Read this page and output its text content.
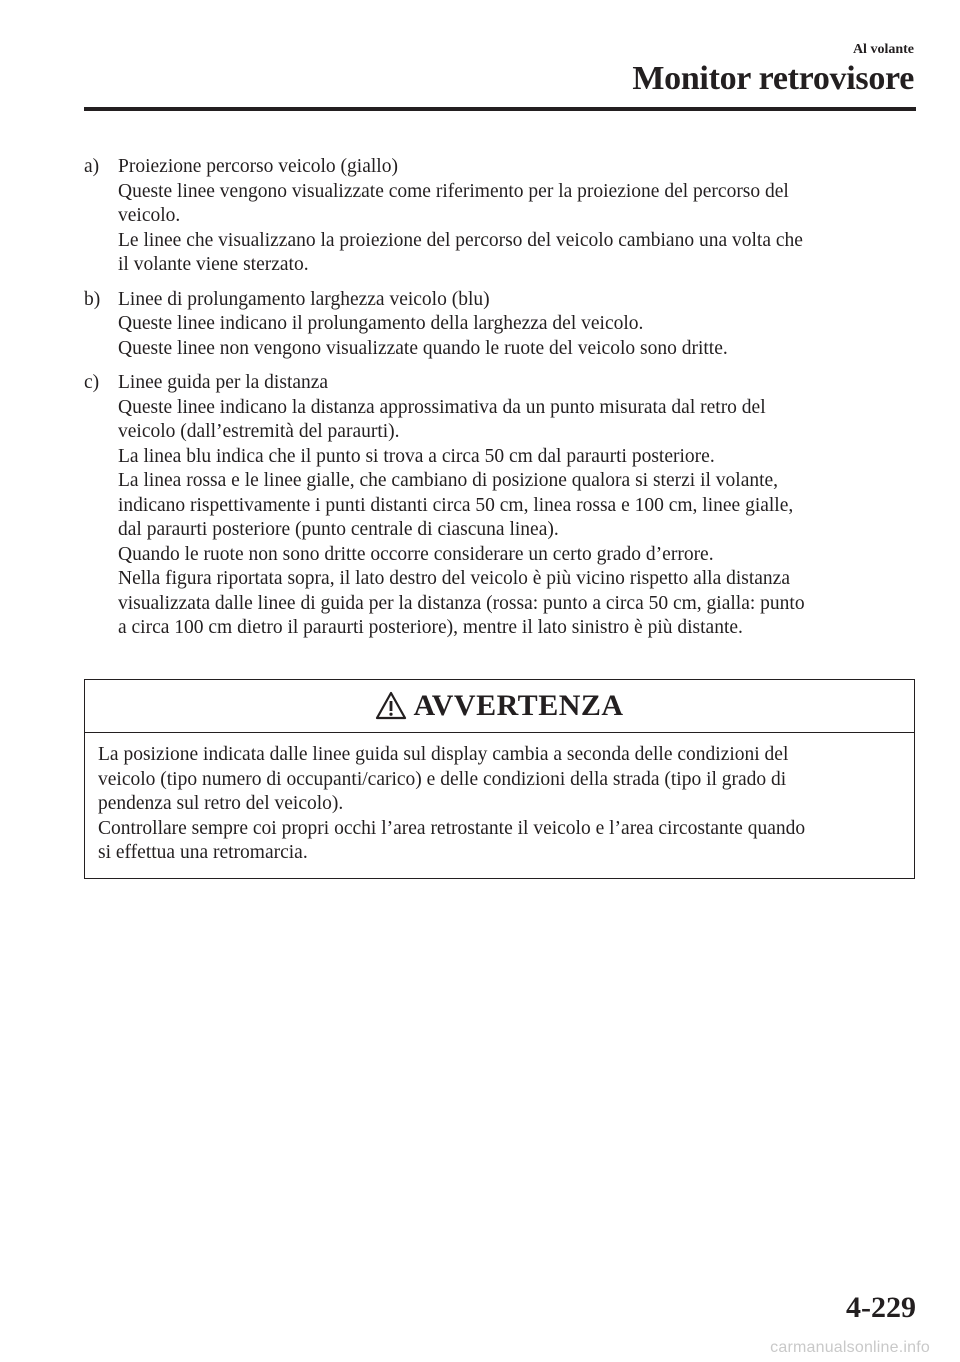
Al volante
Monitor retrovisore
a) Proiezione percorso veicolo (giallo)
Queste linee vengono visualizzate come riferimento per la proiezione del percorso del
veicolo.
Le linee che visualizzano la proiezione del percorso del veicolo cambiano una volta che
il volante viene sterzato.
b) Linee di prolungamento larghezza veicolo (blu)
Queste linee indicano il prolungamento della larghezza del veicolo.
Queste linee non vengono visualizzate quando le ruote del veicolo sono dritte.
c) Linee guida per la distanza
Queste linee indicano la distanza approssimativa da un punto misurata dal retro del
veicolo (dall’estremità del paraurti).
La linea blu indica che il punto si trova a circa 50 cm dal paraurti posteriore.
La linea rossa e le linee gialle, che cambiano di posizione qualora si sterzi il volante,
indicano rispettivamente i punti distanti circa 50 cm, linea rossa e 100 cm, linee gialle,
dal paraurti posteriore (punto centrale di ciascuna linea).
Quando le ruote non sono dritte occorre considerare un certo grado d’errore.
Nella figura riportata sopra, il lato destro del veicolo è più vicino rispetto alla distanza
visualizzata dalle linee di guida per la distanza (rossa: punto a circa 50 cm, gialla: punto
a circa 100 cm dietro il paraurti posteriore), mentre il lato sinistro è più distante.
AVVERTENZA
La posizione indicata dalle linee guida sul display cambia a seconda delle condizioni del
veicolo (tipo numero di occupanti/carico) e delle condizioni della strada (tipo il grado di
pendenza sul retro del veicolo).
Controllare sempre coi propri occhi l’area retrostante il veicolo e l’area circostante quando
si effettua una retromarcia.
4-229
carmanualsonline.info
